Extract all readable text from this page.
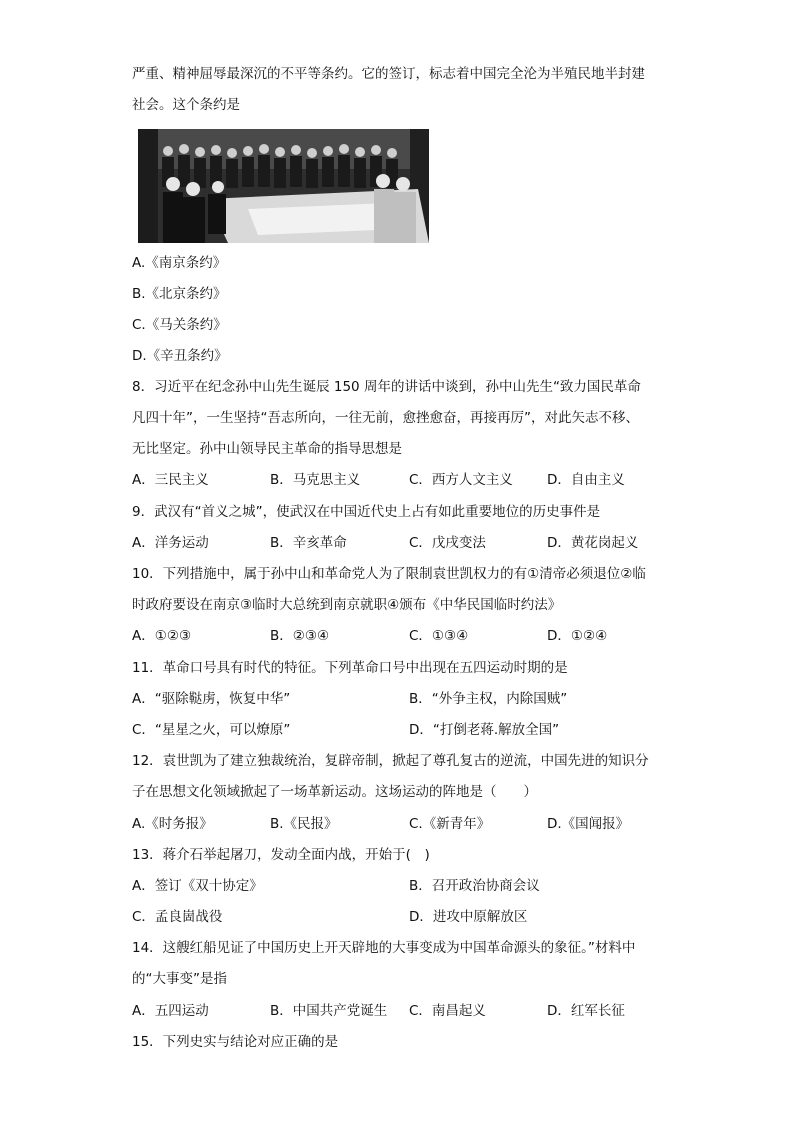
严重、精神屈辱最深沉的不平等条约。它的签订，标志着中国完全沦为半殖民地半封建
社会。这个条约是
A.《南京条约》
B.《北京条约》
C.《马关条约》
D.《辛丑条约》
8．习近平在纪念孙中山先生诞辰 150 周年的讲话中谈到，孙中山先生“致力国民革命
凡四十年”，一生坚持“吾志所向，一往无前，愈挫愈奋，再接再厉”，对此矢志不移、
无比坚定。孙中山领导民主革命的指导思想是
A．三民主义	B．马克思主义	C．西方人文主义	D．自由主义
9．武汉有“首义之城”，使武汉在中国近代史上占有如此重要地位的历史事件是
A．洋务运动	B．辛亥革命	C．戊戌变法	D．黄花岗起义
10．下列措施中，属于孙中山和革命党人为了限制袁世凯权力的有①清帝必须退位②临
时政府要设在南京③临时大总统到南京就职④颁布《中华民国临时约法》
A．①②③	B．②③④	C．①③④	D．①②④
11．革命口号具有时代的特征。下列革命口号中出现在五四运动时期的是
A．“驱除鞑虏，恢复中华”	B．“外争主权，内除国贼”
C．“星星之火，可以燎原”	D．“打倒老蒋.解放全国”
12．袁世凯为了建立独裁统治，复辟帝制，掀起了尊孔复古的逆流，中国先进的知识分
子在思想文化领域掀起了一场革新运动。这场运动的阵地是（　　）
A.《时务报》	B.《民报》	C.《新青年》	D.《国闻报》
13．蒋介石举起屠刀，发动全面内战，开始于(　)
A．签订《双十协定》	B．召开政治协商会议
C．孟良崮战役	D．进攻中原解放区
14．这艘红船见证了中国历史上开天辟地的大事变成为中国革命源头的象征。”材料中
的“大事变”是指
A．五四运动	B．中国共产党诞生 C．南昌起义	D．红军长征
15．下列史实与结论对应正确的是
